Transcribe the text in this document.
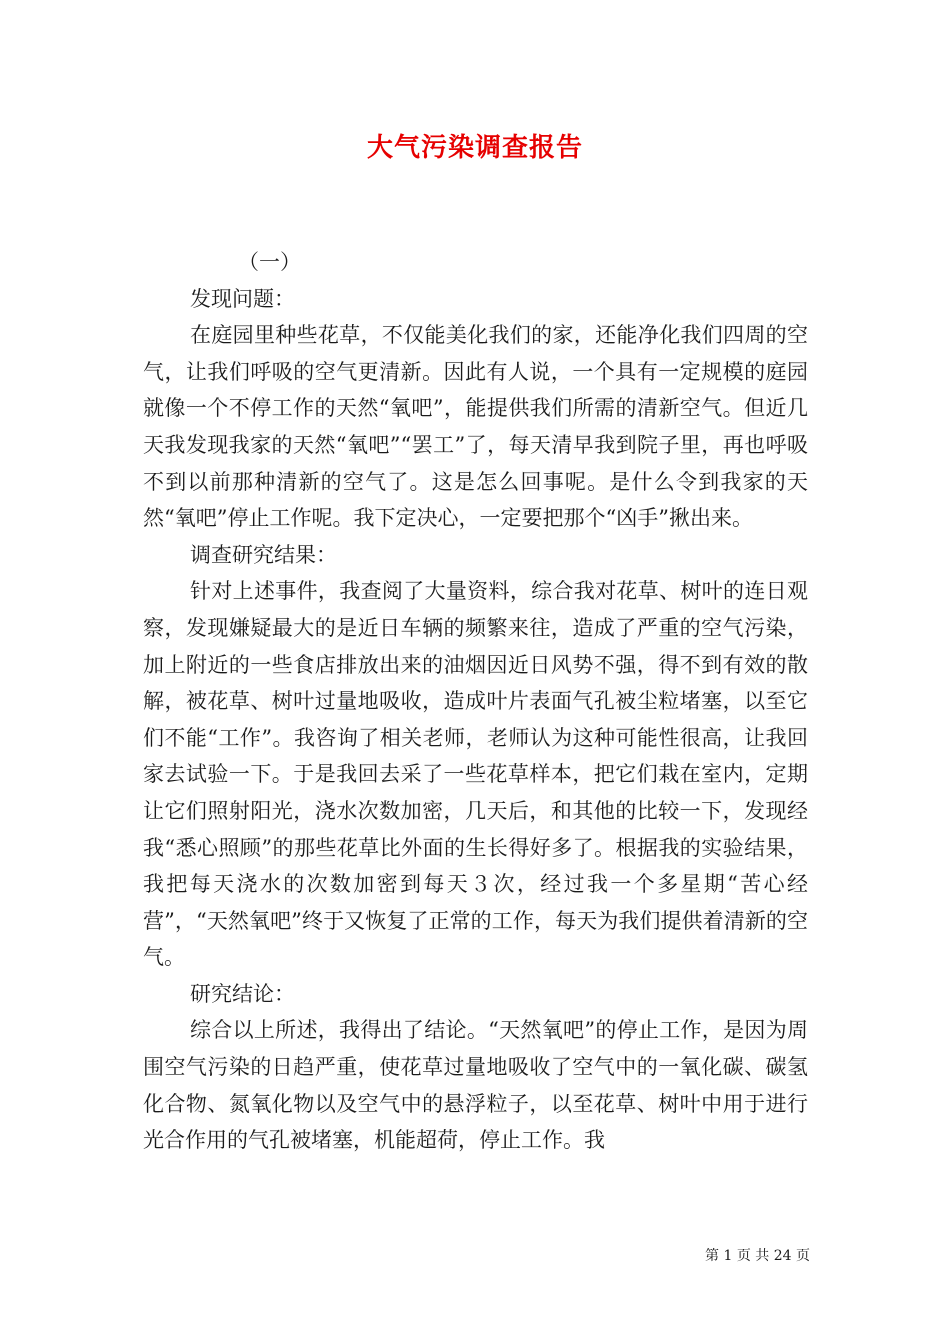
大气污染调查报告

（一）

发现问题：

在庭园里种些花草，不仅能美化我们的家，还能净化我们四周的空气，让我们呼吸的空气更清新。因此有人说，一个具有一定规模的庭园就像一个不停工作的天然“氧吧”，能提供我们所需的清新空气。但近几天我发现我家的天然“氧吧”“罢工”了，每天清早我到院子里，再也呼吸不到以前那种清新的空气了。这是怎么回事呢。是什么令到我家的天然“氧吧”停止工作呢。我下定决心，一定要把那个“凶手”揪出来。

调查研究结果：

针对上述事件，我查阅了大量资料，综合我对花草、树叶的连日观察，发现嫌疑最大的是近日车辆的频繁来往，造成了严重的空气污染，加上附近的一些食店排放出来的油烟因近日风势不强，得不到有效的散解，被花草、树叶过量地吸收，造成叶片表面气孔被尘粒堵塞，以至它们不能“工作”。我咨询了相关老师，老师认为这种可能性很高，让我回家去试验一下。于是我回去采了一些花草样本，把它们栽在室内，定期让它们照射阳光，浇水次数加密，几天后，和其他的比较一下，发现经我“悉心照顾”的那些花草比外面的生长得好多了。根据我的实验结果，我把每天浇水的次数加密到每天３次，经过我一个多星期“苦心经营”，“天然氧吧”终于又恢复了正常的工作，每天为我们提供着清新的空气。

研究结论：

综合以上所述，我得出了结论。“天然氧吧”的停止工作，是因为周围空气污染的日趋严重，使花草过量地吸收了空气中的一氧化碳、碳氢化合物、氮氧化物以及空气中的悬浮粒子，以至花草、树叶中用于进行光合作用的气孔被堵塞，机能超荷，停止工作。我

第 1 页 共 24 页
